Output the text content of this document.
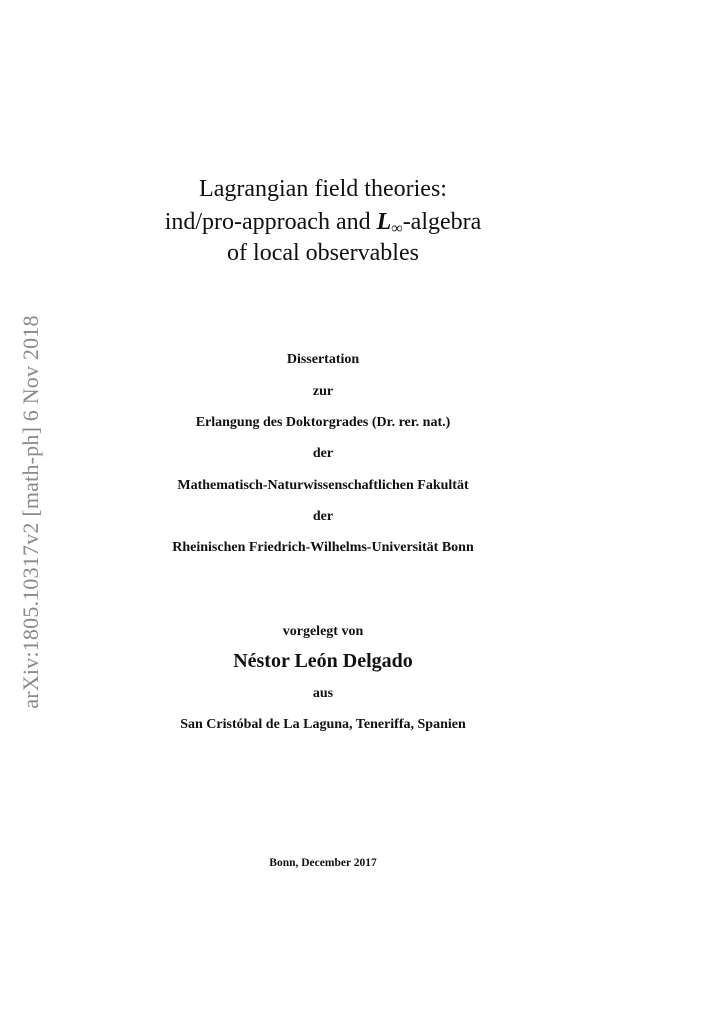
arXiv:1805.10317v2 [math-ph] 6 Nov 2018
Lagrangian field theories:
ind/pro-approach and $L_\infty$-algebra
of local observables
Dissertation
zur
Erlangung des Doktorgrades (Dr. rer. nat.)
der
Mathematisch-Naturwissenschaftlichen Fakultät
der
Rheinischen Friedrich-Wilhelms-Universität Bonn
vorgelegt von
Néstor León Delgado
aus
San Cristóbal de La Laguna, Teneriffa, Spanien
Bonn, December 2017
